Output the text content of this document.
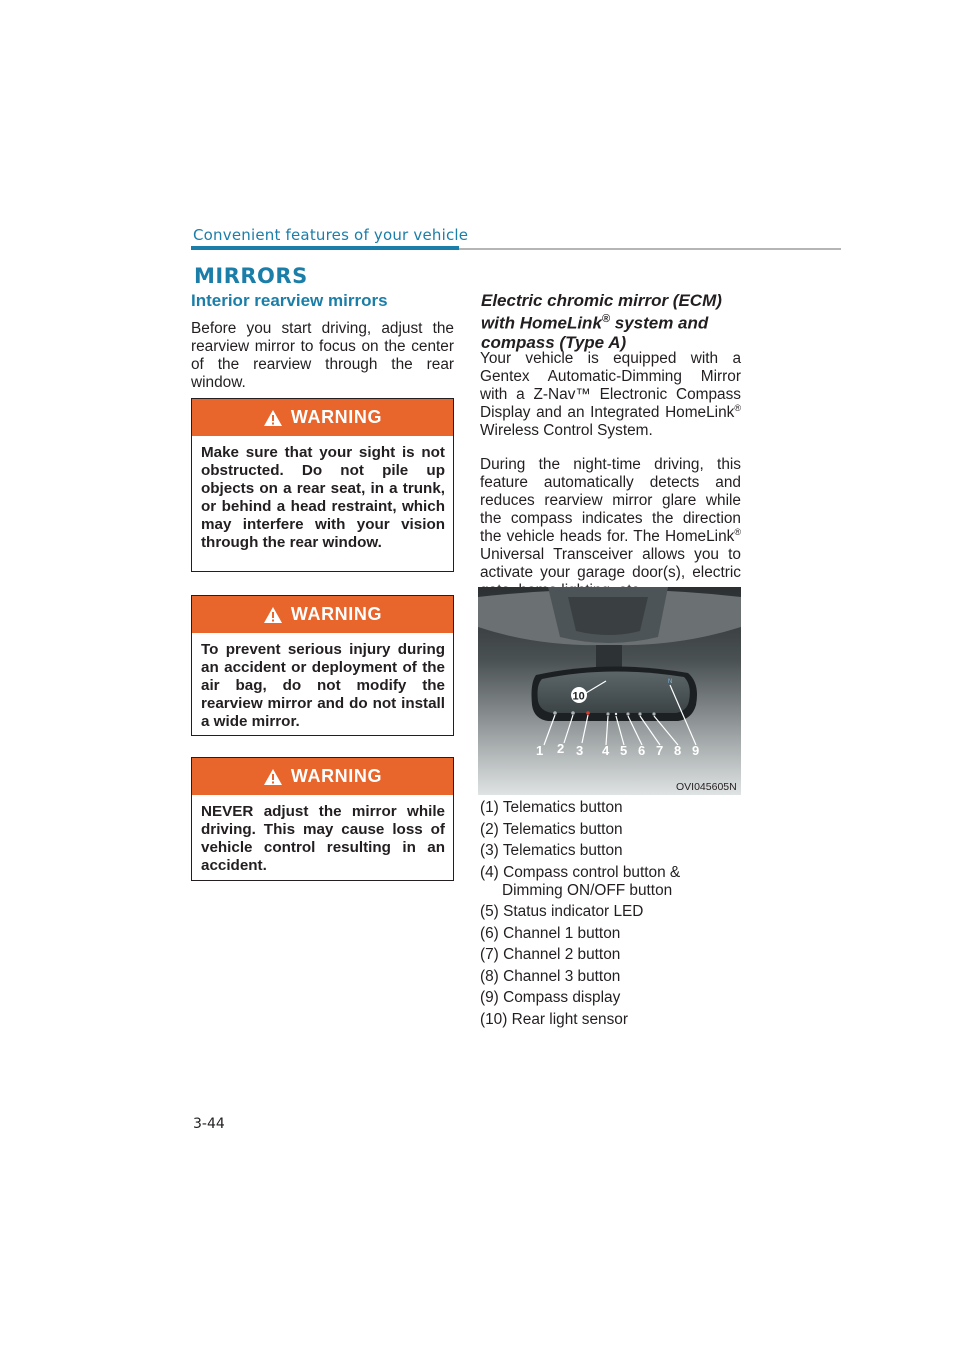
Convenient features of your vehicle
MIRRORS
Interior rearview mirrors
Before you start driving, adjust the rearview mirror to focus on the center of the rearview through the rear window.
WARNING
Make sure that your sight is not obstructed. Do not pile up objects on a rear seat, in a trunk, or behind a head restraint, which may interfere with your vision through the rear window.
WARNING
To prevent serious injury during an accident or deployment of the air bag, do not modify the rearview mirror and do not install a wide mirror.
WARNING
NEVER adjust the mirror while driving. This may cause loss of vehicle control resulting in an accident.
Electric chromic mirror (ECM) with HomeLink® system and compass (Type A)
Your vehicle is equipped with a Gentex Automatic-Dimming Mirror with a Z-Nav™ Electronic Compass Display and an Integrated HomeLink® Wireless Control System.
During the night-time driving, this feature automatically detects and reduces rearview mirror glare while the compass indicates the direction the vehicle heads for. The HomeLink® Universal Transceiver allows you to activate your garage door(s), electric
N
1 2 3 4 5 6 7 8 9
10
OVI045605N
(1) Telematics button
(2) Telematics button
(3) Telematics button
(4) Compass control button &
Dimming ON/OFF button
(5) Status indicator LED
(6) Channel 1 button
(7) Channel 2 button
(8) Channel 3 button
(9) Compass display
(10) Rear light sensor
3-44
